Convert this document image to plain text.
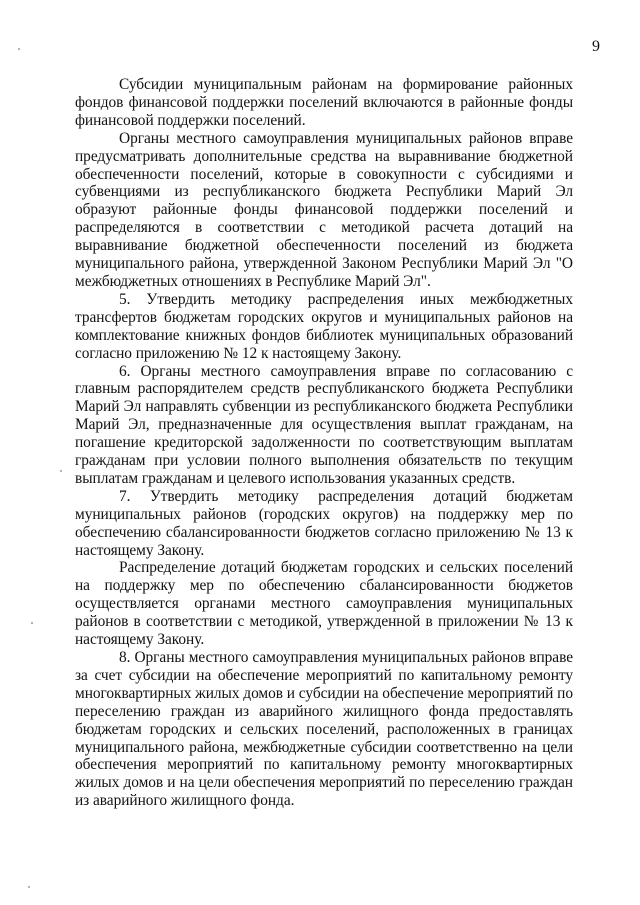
9

Субсидии муниципальным районам на формирование районных фондов финансовой поддержки поселений включаются в районные фонды финансовой поддержки поселений.

Органы местного самоуправления муниципальных районов вправе предусматривать дополнительные средства на выравнивание бюджетной обеспеченности поселений, которые в совокупности с субсидиями и субвенциями из республиканского бюджета Республики Марий Эл образуют районные фонды финансовой поддержки поселений и распределяются в соответствии с методикой расчета дотаций на выравнивание бюджетной обеспеченности поселений из бюджета муниципального района, утвержденной Законом Республики Марий Эл "О межбюджетных отношениях в Республике Марий Эл".

5. Утвердить методику распределения иных межбюджетных трансфертов бюджетам городских округов и муниципальных районов на комплектование книжных фондов библиотек муниципальных образований согласно приложению № 12 к настоящему Закону.

6. Органы местного самоуправления вправе по согласованию с главным распорядителем средств республиканского бюджета Республики Марий Эл направлять субвенции из республиканского бюджета Республики Марий Эл, предназначенные для осуществления выплат гражданам, на погашение кредиторской задолженности по соответствующим выплатам гражданам при условии полного выполнения обязательств по текущим выплатам гражданам и целевого использования указанных средств.

7. Утвердить методику распределения дотаций бюджетам муниципальных районов (городских округов) на поддержку мер по обеспечению сбалансированности бюджетов согласно приложению № 13 к настоящему Закону.

Распределение дотаций бюджетам городских и сельских поселений на поддержку мер по обеспечению сбалансированности бюджетов осуществляется органами местного самоуправления муниципальных районов в соответствии с методикой, утвержденной в приложении № 13 к настоящему Закону.

8. Органы местного самоуправления муниципальных районов вправе за счет субсидии на обеспечение мероприятий по капитальному ремонту многоквартирных жилых домов и субсидии на обеспечение мероприятий по переселению граждан из аварийного жилищного фонда предоставлять бюджетам городских и сельских поселений, расположенных в границах муниципального района, межбюджетные субсидии соответственно на цели обеспечения мероприятий по капитальному ремонту многоквартирных жилых домов и на цели обеспечения мероприятий по переселению граждан из аварийного жилищного фонда.
